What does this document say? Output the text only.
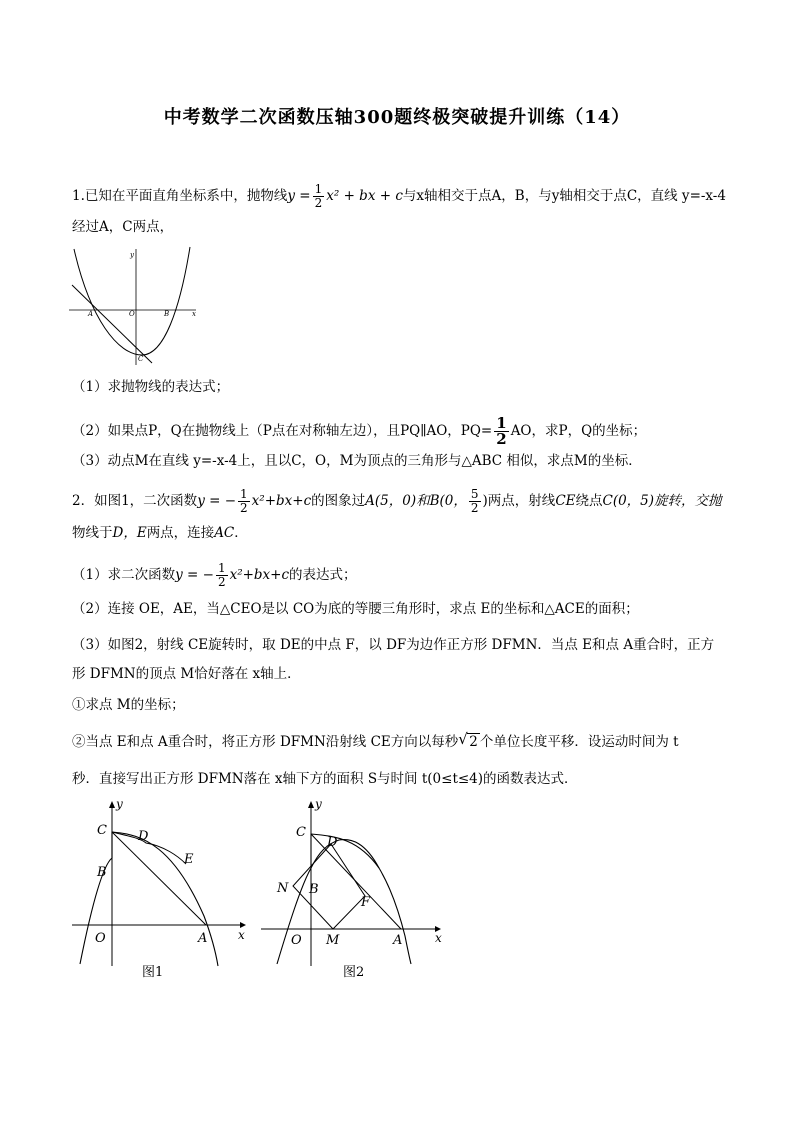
中考数学二次函数压轴300题终极突破提升训练（14）
1.已知在平面直角坐标系中，抛物线$y = \frac{1}{2} x^2$ + bx + c与x轴相交于点A，B，与y轴相交于点C，直线 y=-x-4
经过A，C两点，
y
x
A	O	B
C
（1）求抛物线的表达式；
（2）如果点P，Q在抛物线上（P点在对称轴左边），且PQ∥AO，$PQ= \frac{1}{2}$ AO，求P，Q的坐标；
（3）动点M在直线 y=-x-4上，且以C，O，M为顶点的三角形与△ABC 相似，求点M的坐标．
2．如图1，二次函数y = − $\frac{1}{2} x^2+bx+c$的图象过A(5，0)和B(0， $\frac{5}{2}$ )两点，射线CE绕点C(0，5)旋转，交抛
物线于D，E两点，连接AC．
（1）求二次函数y = − $\frac{1}{2} x^2+bx+c$的表达式；
（2）连接 OE，AE，当△CEO是以 CO为底的等腰三角形时，求点 E的坐标和△ACE的面积；
（3）如图2，射线 CE旋转时，取 DE的中点 F，以 DF为边作正方形 DFMN．当点 E和点 A重合时，正方
形 DFMN的顶点 M恰好落在 x轴上．
①求点 M的坐标；
②当点 E和点 A重合时，将正方形 DFMN沿射线 CE方向以每秒 √ 2 个单位长度平移．设运动时间为 t
秒．直接写出正方形 DFMN落在 x轴下方的面积 S与时间 t(0≤t≤4)的函数表达式．
y
x
C D
E
B
O	A
图1
y
x
C
D
N B
F
O M	A
图2
